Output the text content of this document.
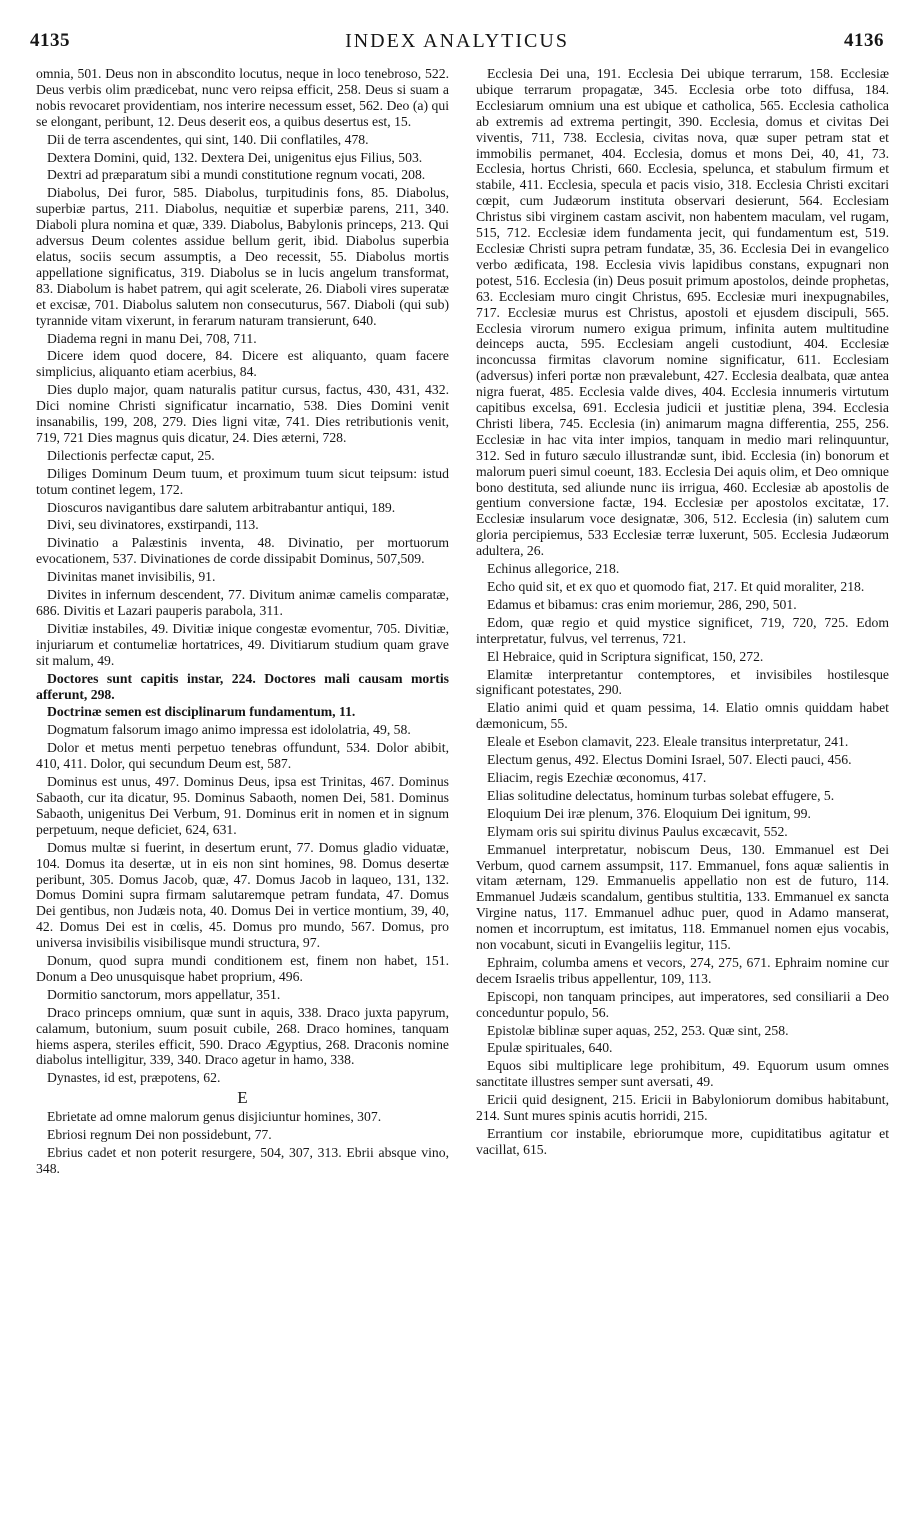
4135	INDEX ANALYTICUS	4136

omnia, 501. Deus non in abscondito locutus, neque in loco tenebroso, 522. Deus verbis olim prædicebat, nunc vero reipsa efficit, 258. Deus si suam a nobis revocaret providentiam, nos interire necessum esset, 562. Deo (a) qui se elongant, peribunt, 12. Deus deserit eos, a quibus desertus est, 15.

Dii de terra ascendentes, qui sint, 140. Dii conflatiles, 478.

Dextera Domini, quid, 132. Dextera Dei, unigenitus ejus Filius, 503.

Dextri ad præparatum sibi a mundi constitutione regnum vocati, 208.

Diabolus, Dei furor, 585. Diabolus, turpitudinis fons, 85. Diabolus, superbiæ partus, 211. Diabolus, nequitiæ et superbiæ parens, 211, 340. Diaboli plura nomina et quæ, 339. Diabolus, Babylonis princeps, 213. Qui adversus Deum colentes assidue bellum gerit, ibid. Diabolus superbia elatus, sociis secum assumptis, a Deo recessit, 55. Diabolus mortis appellatione significatus, 319. Diabolus se in lucis angelum transformat, 83. Diabolum is habet patrem, qui agit scelerate, 26. Diaboli vires superatæ et excisæ, 701. Diabolus salutem non consecuturus, 567. Diaboli (qui sub) tyrannide vitam vixerunt, in ferarum naturam transierunt, 640.

Diadema regni in manu Dei, 708, 711.

Dicere idem quod docere, 84. Dicere est aliquanto, quam facere simplicius, aliquanto etiam acerbius, 84.

Dies duplo major, quam naturalis patitur cursus, factus, 430, 431, 432. Dici nomine Christi significatur incarnatio, 538. Dies Domini venit insanabilis, 199, 208, 279. Dies ligni vitæ, 741. Dies retributionis venit, 719, 721 Dies magnus quis dicatur, 24. Dies æterni, 728.

Dilectionis perfectæ caput, 25.

Diliges Dominum Deum tuum, et proximum tuum sicut teipsum: istud totum continet legem, 172.

Dioscuros navigantibus dare salutem arbitrabantur antiqui, 189.

Divi, seu divinatores, exstirpandi, 113.

Divinatio a Palæstinis inventa, 48. Divinatio, per mortuorum evocationem, 537. Divinationes de corde dissipabit Dominus, 507,509.

Divinitas manet invisibilis, 91.

Divites in infernum descendent, 77. Divitum animæ camelis comparatæ, 686. Divitis et Lazari pauperis parabola, 311.

Divitiæ instabiles, 49. Divitiæ inique congestæ evomentur, 705. Divitiæ, injuriarum et contumeliæ hortatrices, 49. Divitiarum studium quam grave sit malum, 49.

Doctores sunt capitis instar, 224. Doctores mali causam mortis afferunt, 298.

Doctrinæ semen est disciplinarum fundamentum, 11.

Dogmatum falsorum imago animo impressa est idololatria, 49, 58.

Dolor et metus menti perpetuo tenebras offundunt, 534. Dolor abibit, 410, 411. Dolor, qui secundum Deum est, 587.

Dominus est unus, 497. Dominus Deus, ipsa est Trinitas, 467. Dominus Sabaoth, cur ita dicatur, 95. Dominus Sabaoth, nomen Dei, 581. Dominus Sabaoth, unigenitus Dei Verbum, 91. Dominus erit in nomen et in signum perpetuum, neque deficiet, 624, 631.

Domus multæ si fuerint, in desertum erunt, 77. Domus gladio viduatæ, 104. Domus ita desertæ, ut in eis non sint homines, 98. Domus desertæ peribunt, 305. Domus Jacob, quæ, 47. Domus Jacob in laqueo, 131, 132. Domus Domini supra firmam salutaremque petram fundata, 47. Domus Dei gentibus, non Judæis nota, 40. Domus Dei in vertice montium, 39, 40, 42. Domus Dei est in cœlis, 45. Domus pro mundo, 567. Domus, pro universa invisibilis visibilisque mundi structura, 97.

Donum, quod supra mundi conditionem est, finem non habet, 151. Donum a Deo unusquisque habet proprium, 496.

Dormitio sanctorum, mors appellatur, 351.

Draco princeps omnium, quæ sunt in aquis, 338. Draco juxta papyrum, calamum, butonium, suum posuit cubile, 268. Draco homines, tanquam hiems aspera, steriles efficit, 590. Draco Ægyptius, 268. Draconis nomine diabolus intelligitur, 339, 340. Draco agetur in hamo, 338.

Dynastes, id est, præpotens, 62.

E

Ebrietate ad omne malorum genus disjiciuntur homines, 307.

Ebriosi regnum Dei non possidebunt, 77.

Ebrius cadet et non poterit resurgere, 504, 307, 313. Ebrii absque vino, 348.

Ecclesia Dei una, 191. Ecclesia Dei ubique terrarum, 158. Ecclesiæ ubique terrarum propagatæ, 345. Ecclesia orbe toto diffusa, 184. Ecclesiarum omnium una est ubique et catholica, 565. Ecclesia catholica ab extremis ad extrema pertingit, 390. Ecclesia, domus et civitas Dei viventis, 711, 738. Ecclesia, civitas nova, quæ super petram stat et immobilis permanet, 404. Ecclesia, domus et mons Dei, 40, 41, 73. Ecclesia, hortus Christi, 660. Ecclesia, spelunca, et stabulum firmum et stabile, 411. Ecclesia, specula et pacis visio, 318. Ecclesia Christi excitari cœpit, cum Judæorum instituta observari desierunt, 564. Ecclesiam Christus sibi virginem castam ascivit, non habentem maculam, vel rugam, 515, 712. Ecclesiæ idem fundamenta jecit, qui fundamentum est, 519. Ecclesiæ Christi supra petram fundatæ, 35, 36. Ecclesia Dei in evangelico verbo ædificata, 198. Ecclesia vivis lapidibus constans, expugnari non potest, 516. Ecclesia (in) Deus posuit primum apostolos, deinde prophetas, 63. Ecclesiam muro cingit Christus, 695. Ecclesiæ muri inexpugnabiles, 717. Ecclesiæ murus est Christus, apostoli et ejusdem discipuli, 565. Ecclesia virorum numero exigua primum, infinita autem multitudine deinceps aucta, 595. Ecclesiam angeli custodiunt, 404. Ecclesiæ inconcussa firmitas clavorum nomine significatur, 611. Ecclesiam (adversus) inferi portæ non prævalebunt, 427. Ecclesia dealbata, quæ antea nigra fuerat, 485. Ecclesia valde dives, 404. Ecclesia innumeris virtutum capitibus excelsa, 691. Ecclesia judicii et justitiæ plena, 394. Ecclesia Christi libera, 745. Ecclesia (in) animarum magna differentia, 255, 256. Ecclesiæ in hac vita inter impios, tanquam in medio mari relinquuntur, 312. Sed in futuro sæculo illustrandæ sunt, ibid. Ecclesia (in) bonorum et malorum pueri simul coeunt, 183. Ecclesia Dei aquis olim, et Deo omnique bono destituta, sed aliunde nunc iis irrigua, 460. Ecclesiæ ab apostolis de gentium conversione factæ, 194. Ecclesiæ per apostolos excitatæ, 17. Ecclesiæ insularum voce designatæ, 306, 512. Ecclesia (in) salutem cum gloria percipiemus, 533 Ecclesiæ terræ luxerunt, 505. Ecclesia Judæorum adultera, 26.

Echinus allegorice, 218.

Echo quid sit, et ex quo et quomodo fiat, 217. Et quid moraliter, 218.

Edamus et bibamus: cras enim moriemur, 286, 290, 501.

Edom, quæ regio et quid mystice significet, 719, 720, 725. Edom interpretatur, fulvus, vel terrenus, 721.

El Hebraice, quid in Scriptura significat, 150, 272.

Elamitæ interpretantur contemptores, et invisibiles hostilesque significant potestates, 290.

Elatio animi quid et quam pessima, 14. Elatio omnis quiddam habet dæmonicum, 55.

Eleale et Esebon clamavit, 223. Eleale transitus interpretatur, 241.

Electum genus, 492. Electus Domini Israel, 507. Electi pauci, 456.

Eliacim, regis Ezechiæ œconomus, 417.

Elias solitudine delectatus, hominum turbas solebat effugere, 5.

Eloquium Dei iræ plenum, 376. Eloquium Dei ignitum, 99.

Elymam oris sui spiritu divinus Paulus excæcavit, 552.

Emmanuel interpretatur, nobiscum Deus, 130. Emmanuel est Dei Verbum, quod carnem assumpsit, 117. Emmanuel, fons aquæ salientis in vitam æternam, 129. Emmanuelis appellatio non est de futuro, 114. Emmanuel Judæis scandalum, gentibus stultitia, 133. Emmanuel ex sancta Virgine natus, 117. Emmanuel adhuc puer, quod in Adamo manserat, nomen et incorruptum, est imitatus, 118. Emmanuel nomen ejus vocabis, non vocabunt, sicuti in Evangeliis legitur, 115.

Ephraim, columba amens et vecors, 274, 275, 671. Ephraim nomine cur decem Israelis tribus appellentur, 109, 113.

Episcopi, non tanquam principes, aut imperatores, sed consiliarii a Deo conceduntur populo, 56.

Epistolæ biblinæ super aquas, 252, 253. Quæ sint, 258.

Epulæ spirituales, 640.

Equos sibi multiplicare lege prohibitum, 49. Equorum usum omnes sanctitate illustres semper sunt aversati, 49.

Ericii quid designent, 215. Ericii in Babyloniorum domibus habitabunt, 214. Sunt mures spinis acutis horridi, 215.

Errantium cor instabile, ebriorumque more, cupiditatibus agitatur et vacillat, 615.
